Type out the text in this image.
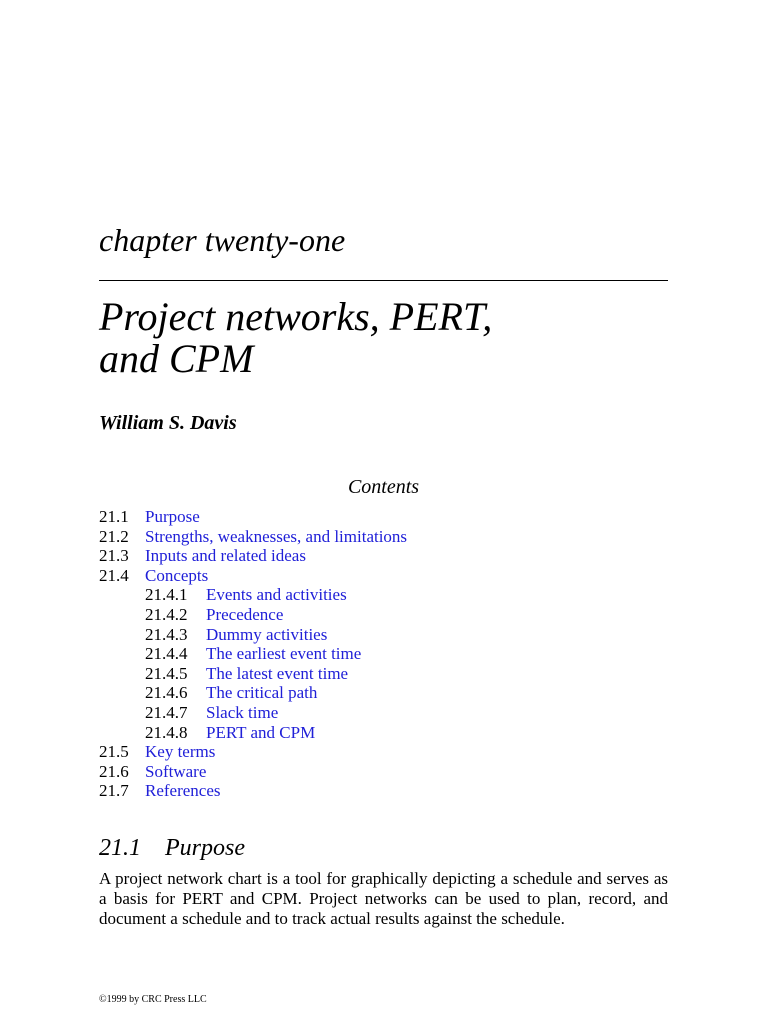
chapter twenty-one
Project networks, PERT,
and CPM
William S. Davis
Contents
21.1 Purpose
21.2 Strengths, weaknesses, and limitations
21.3 Inputs and related ideas
21.4 Concepts
21.4.1 Events and activities
21.4.2 Precedence
21.4.3 Dummy activities
21.4.4 The earliest event time
21.4.5 The latest event time
21.4.6 The critical path
21.4.7 Slack time
21.4.8 PERT and CPM
21.5 Key terms
21.6 Software
21.7 References
21.1 Purpose
A project network chart is a tool for graphically depicting a schedule and serves as a basis for PERT and CPM. Project networks can be used to plan, record, and document a schedule and to track actual results against the schedule.
©1999 by CRC Press LLC
